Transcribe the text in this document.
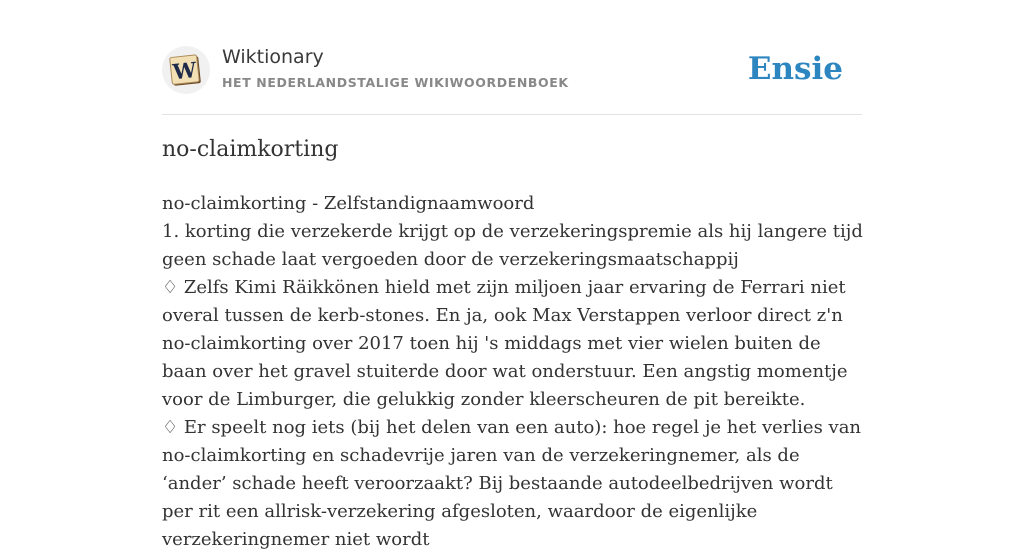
W Wiktionary
HET NEDERLANDSTALIGE WIKIWOORDENBOEK	Ensie
no-claimkorting

no-claimkorting - Zelfstandignaamwoord

1. korting die verzekerde krijgt op de verzekeringspremie als hij langere tijd geen schade laat vergoeden door de verzekeringsmaatschappij

♢ Zelfs Kimi Räikkönen hield met zijn miljoen jaar ervaring de Ferrari niet overal tussen de kerb-stones. En ja, ook Max Verstappen verloor direct z'n no-claimkorting over 2017 toen hij 's middags met vier wielen buiten de baan over het gravel stuiterde door wat onderstuur. Een angstig momentje voor de Limburger, die gelukkig zonder kleerscheuren de pit bereikte.

♢ Er speelt nog iets (bij het delen van een auto): hoe regel je het verlies van no-claimkorting en schadevrije jaren van de verzekeringnemer, als de ‘ander’ schade heeft veroorzaakt? Bij bestaande autodeelbedrijven wordt per rit een allrisk-verzekering afgesloten, waardoor de eigenlijke verzekeringnemer niet wordt
